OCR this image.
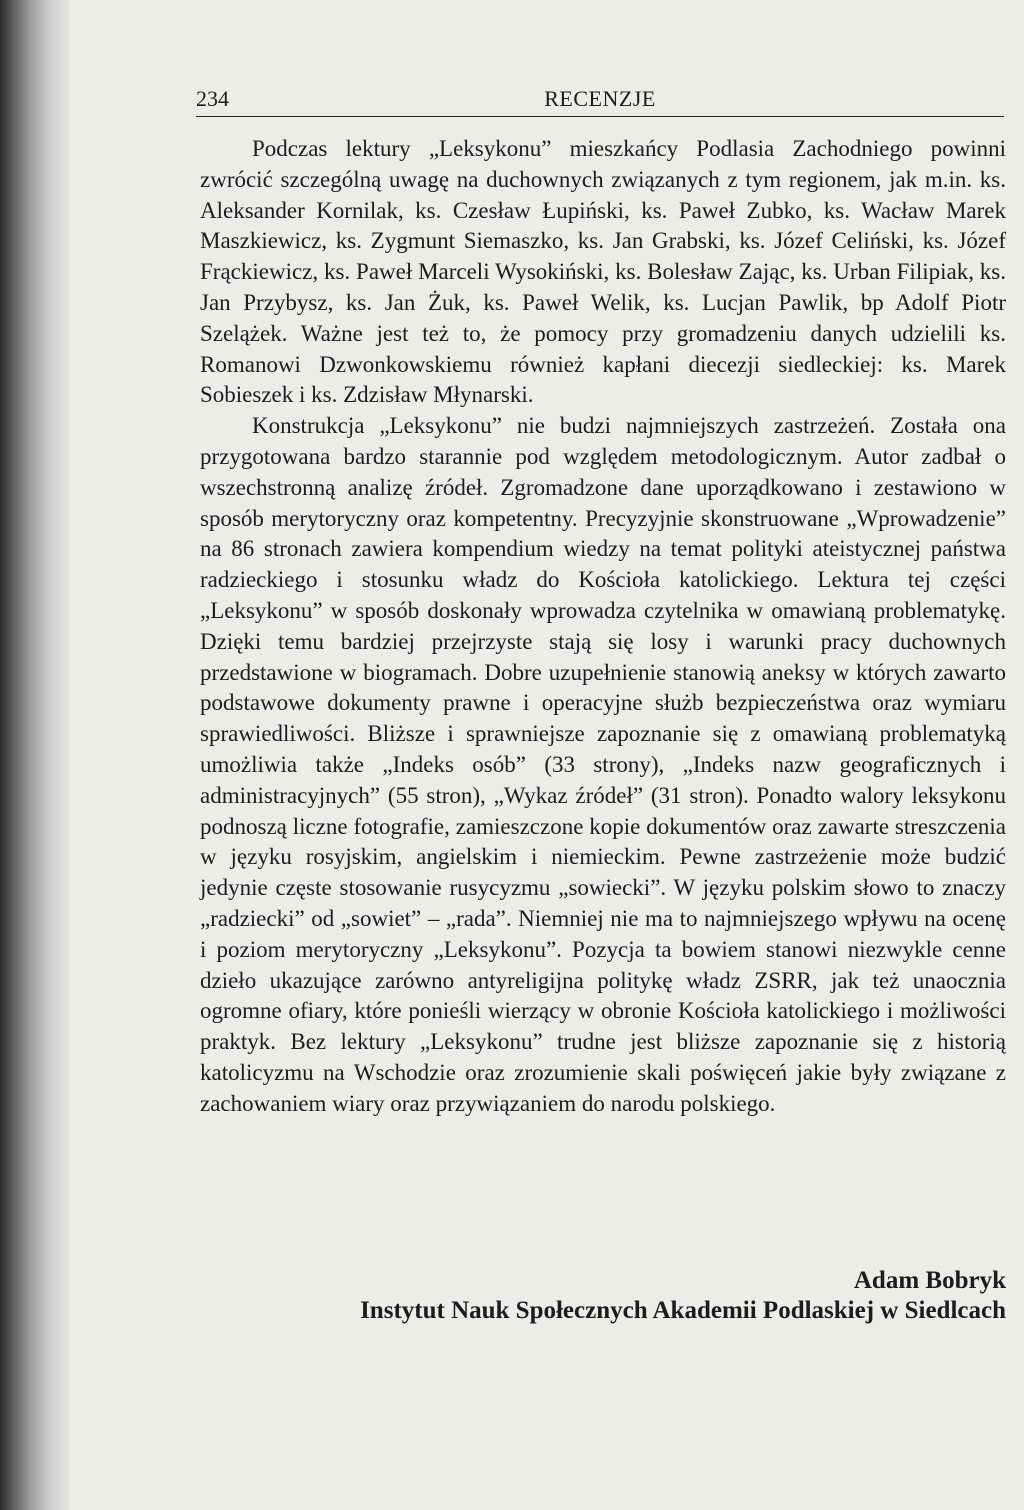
234	RECENZJE

Podczas lektury „Leksykonu” mieszkańcy Podlasia Zachodniego powinni zwrócić szczególną uwagę na duchownych związanych z tym regionem, jak m.in. ks. Aleksander Kornilak, ks. Czesław Łupiński, ks. Paweł Zubko, ks. Wacław Marek Maszkiewicz, ks. Zygmunt Siemaszko, ks. Jan Grabski, ks. Józef Celiński, ks. Józef Frąckiewicz, ks. Paweł Marceli Wysokiński, ks. Bolesław Zając, ks. Urban Filipiak, ks. Jan Przybysz, ks. Jan Żuk, ks. Paweł Welik, ks. Lucjan Pawlik, bp Adolf Piotr Szelążek. Ważne jest też to, że pomocy przy gromadzeniu danych udzielili ks. Romanowi Dzwonkowskiemu również kapłani diecezji siedleckiej: ks. Marek Sobieszek i ks. Zdzisław Młynarski.

Konstrukcja „Leksykonu” nie budzi najmniejszych zastrzeżeń. Została ona przygotowana bardzo starannie pod względem metodologicznym. Autor zadbał o wszechstronną analizę źródeł. Zgromadzone dane uporządkowano i zestawiono w sposób merytoryczny oraz kompetentny. Precyzyjnie skonstruowane „Wprowadzenie” na 86 stronach zawiera kompendium wiedzy na temat polityki ateistycznej państwa radzieckiego i stosunku władz do Kościoła katolickiego. Lektura tej części „Leksykonu” w sposób doskonały wprowadza czytelnika w omawianą problematykę. Dzięki temu bardziej przejrzyste stają się losy i warunki pracy duchownych przedstawione w biogramach. Dobre uzupełnienie stanowią aneksy w których zawarto podstawowe dokumenty prawne i operacyjne służb bezpieczeństwa oraz wymiaru sprawiedliwości. Bliższe i sprawniejsze zapoznanie się z omawianą problematyką umożliwia także „Indeks osób” (33 strony), „Indeks nazw geograficznych i administracyjnych” (55 stron), „Wykaz źródeł” (31 stron). Ponadto walory leksykonu podnoszą liczne fotografie, zamieszczone kopie dokumentów oraz zawarte streszczenia w języku rosyjskim, angielskim i niemieckim. Pewne zastrzeżenie może budzić jedynie częste stosowanie rusycyzmu „sowiecki”. W języku polskim słowo to znaczy „radziecki” od „sowiet” – „rada”. Niemniej nie ma to najmniejszego wpływu na ocenę i poziom merytoryczny „Leksykonu”. Pozycja ta bowiem stanowi niezwykle cenne dzieło ukazujące zarówno antyreligijna politykę władz ZSRR, jak też unaocznia ogromne ofiary, które ponieśli wierzący w obronie Kościoła katolickiego i możliwości praktyk. Bez lektury „Leksykonu” trudne jest bliższe zapoznanie się z historią katolicyzmu na Wschodzie oraz zrozumienie skali poświęceń jakie były związane z zachowaniem wiary oraz przywiązaniem do narodu polskiego.

Adam Bobryk
Instytut Nauk Społecznych Akademii Podlaskiej w Siedlcach
